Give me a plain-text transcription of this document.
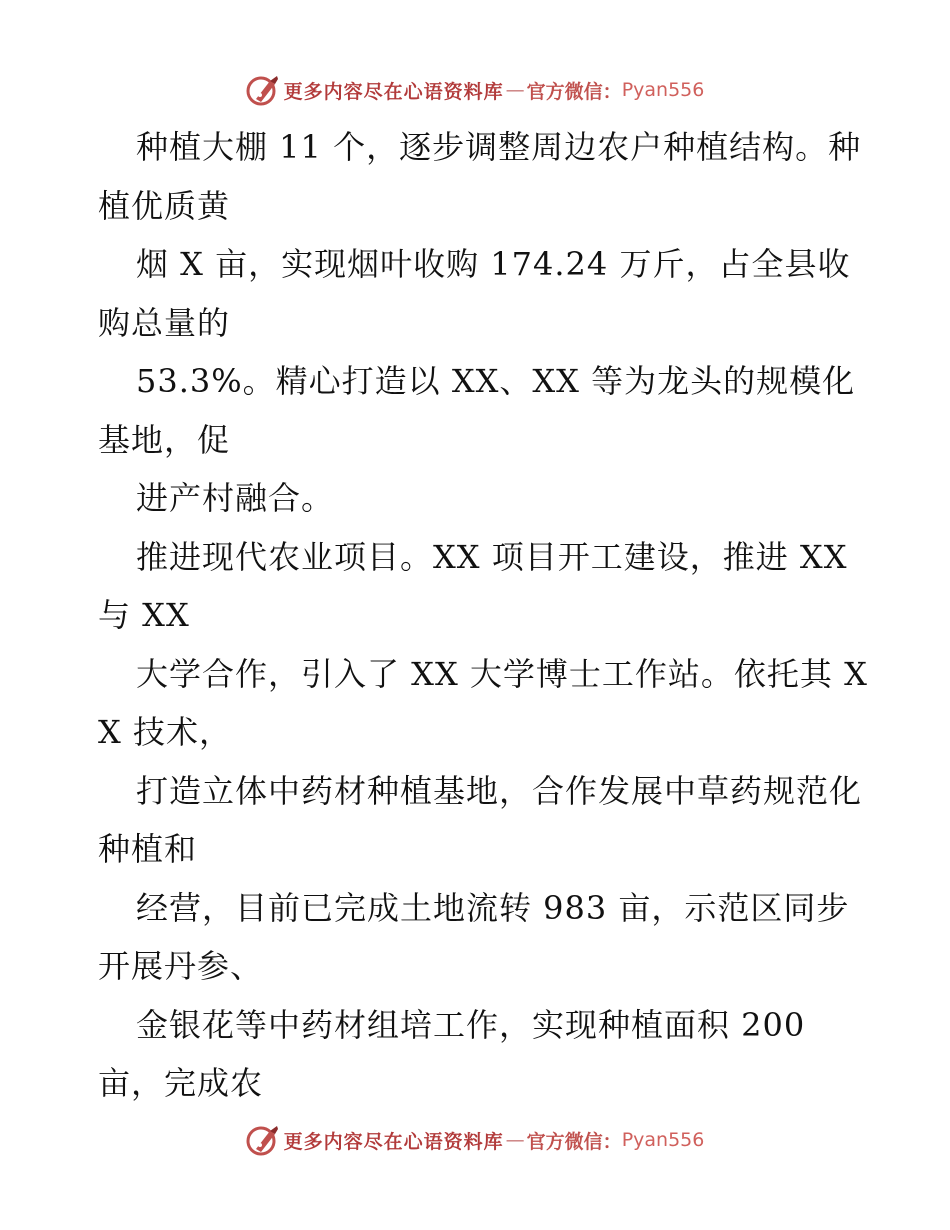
更多内容尽在心语资料库 — 官方微信： Pyan556

种植大棚 11 个，逐步调整周边农户种植结构。种植优质黄

烟 X 亩，实现烟叶收购 174.24 万斤，占全县收购总量的

53.3%。精心打造以 XX、XX 等为龙头的规模化基地，促

进产村融合。

推进现代农业项目。XX 项目开工建设，推进 XX 与 XX

大学合作，引入了 XX 大学博士工作站。依托其 XX 技术，

打造立体中药材种植基地，合作发展中草药规范化种植和

经营，目前已完成土地流转 983 亩，示范区同步开展丹参、

金银花等中药材组培工作，实现种植面积 200 亩，完成农

更多内容尽在心语资料库 — 官方微信： Pyan556
